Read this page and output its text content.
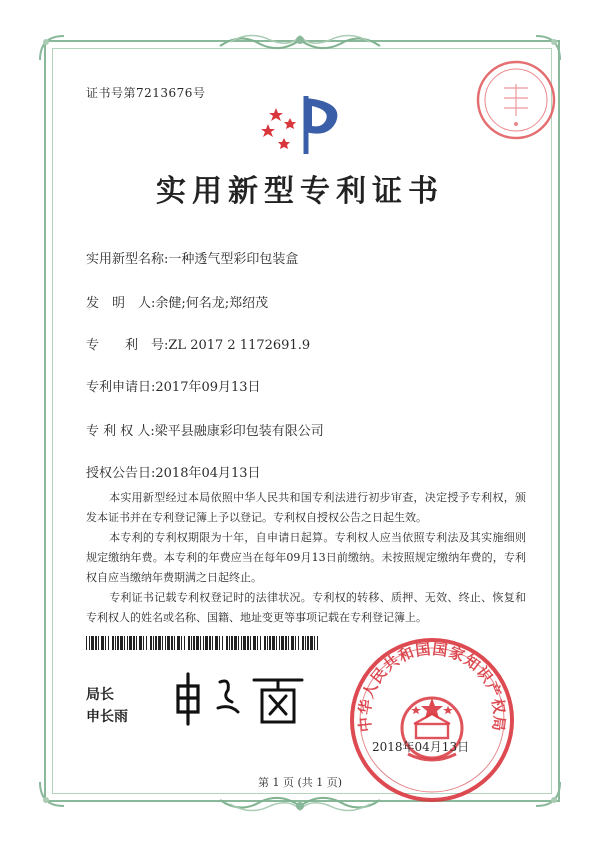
证书号第7213676号
实用新型专利证书
实用新型名称:一种透气型彩印包装盒
发　明　人:余健;何名龙;郑绍茂
专　　利　号:ZL 2017 2 1172691.9
专利申请日:2017年09月13日
专 利 权 人:梁平县融康彩印包装有限公司
授权公告日:2018年04月13日

本实用新型经过本局依照中华人民共和国专利法进行初步审查，决定授予专利权，颁发本证书并在专利登记簿上予以登记。专利权自授权公告之日起生效。

本专利的专利权期限为十年，自申请日起算。专利权人应当依照专利法及其实施细则规定缴纳年费。本专利的年费应当在每年09月13日前缴纳。未按照规定缴纳年费的，专利权自应当缴纳年费期满之日起终止。

专利证书记载专利权登记时的法律状况。专利权的转移、质押、无效、终止、恢复和专利权人的姓名或名称、国籍、地址变更等事项记载在专利登记簿上。

局长
申长雨	中华人民共和国国家知识产权局
2018年04月13日
第 1 页 (共 1 页)
